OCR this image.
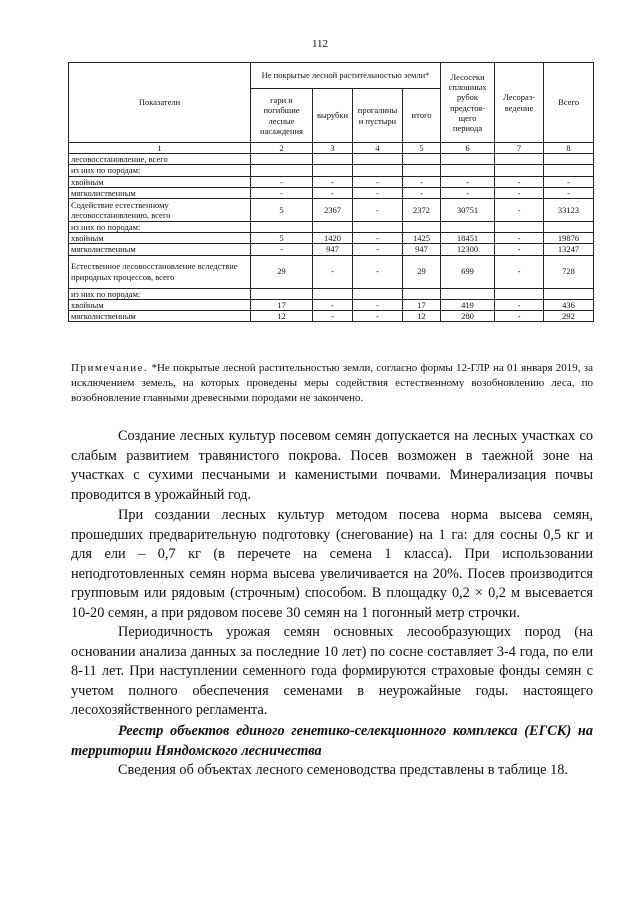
112
Показатели	Не покрытые лесной растительностью земли*				Лесосеки сплошных рубок предстоя-щего периода	Лесораз-ведение	Всего
	гари и погибшие лесные насаждения	вырубки	прогалины и пустыри	итого			
1	2	3	4	5	6	7	8
лесовосстановление, всего							
из них по породам:							
хвойным	-	-	-	-	-	-	-
мягколиственным	-	-	-	-	-	-	-
Содействие естественному лесовосстановлению, всего	5	2367	-	2372	30751	-	33123
из них по породам:							
хвойным	5	1420	-	1425	18451	-	19876
мягколиственным	-	947	-	947	12300	-	13247
Естественное лесовосстановление вследствие природных процессов, всего	29	-	-	29	699	-	728
из них по породам:							
хвойным	17	-	-	17	419	-	436
мягколиственным	12	-	-	12	280	-	292
Примечание. *Не покрытые лесной растительностью земли, согласно формы 12-ГЛР на 01 января 2019, за исключением земель, на которых проведены меры содействия естественному возобновлению леса, по возобновление главными древесными породами не закончено.

Создание лесных культур посевом семян допускается на лесных участках со слабым развитием травянистого покрова. Посев возможен в таежной зоне на участках с сухими песчаными и каменистыми почвами. Минерализация почвы проводится в урожайный год.

При создании лесных культур методом посева норма высева семян, прошедших предварительную подготовку (снегование) на 1 га: для сосны 0,5 кг и для ели – 0,7 кг (в перечете на семена 1 класса). При использовании неподготовленных семян норма высева увеличивается на 20%. Посев производится групповым или рядовым (строчным) способом. В площадку 0,2 × 0,2 м высевается 10-20 семян, а при рядовом посеве 30 семян на 1 погонный метр строчки.

Периодичность урожая семян основных лесообразующих пород (на основании анализа данных за последние 10 лет) по сосне составляет 3-4 года, по ели 8-11 лет. При наступлении семенного года формируются страховые фонды семян с учетом полного обеспечения семенами в неурожайные годы. настоящего лесохозяйственного регламента.

Реестр объектов единого генетико-селекционного комплекса (ЕГСК) на территории Няндомского лесничества

Сведения об объектах лесного семеноводства представлены в таблице 18.
